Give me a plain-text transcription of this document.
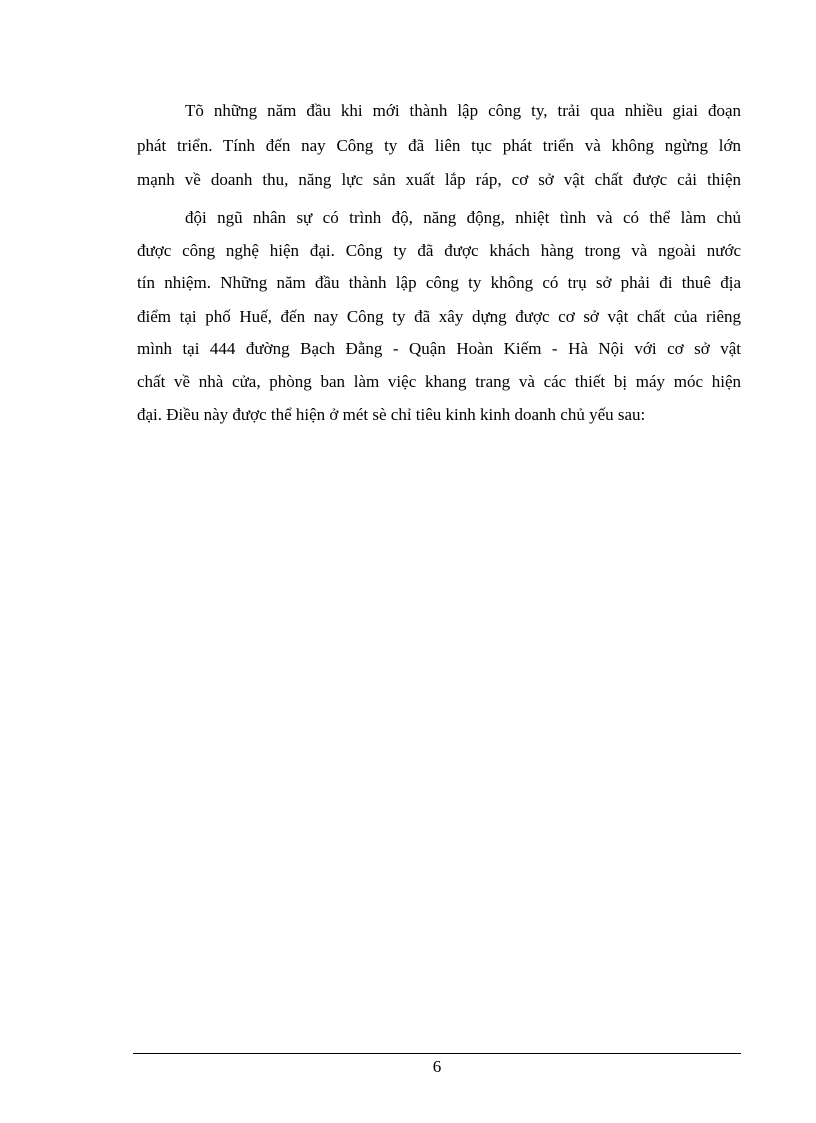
Tõ những năm đầu khi mới thành lập công ty, trải qua nhiều giai đoạn
phát triển. Tính đến nay Công ty đã liên tục phát triển và không ngừng lớn
mạnh về doanh thu, năng lực sản xuất lắp ráp, cơ sở vật chất được cải thiện
đội ngũ nhân sự có trình độ, năng động, nhiệt tình và có thể làm chủ
được công nghệ hiện đại. Công ty đã được khách hàng trong và ngoài nước
tín nhiệm. Những năm đầu thành lập công ty không có trụ sở phải đi thuê địa
điểm tại phố Huế, đến nay Công ty đã xây dựng được cơ sở vật chất của riêng
mình tại 444 đường Bạch Đằng - Quận Hoàn Kiếm - Hà Nội với cơ sở vật
chất về nhà cửa, phòng ban làm việc khang trang và các thiết bị máy móc hiện
đại. Điều này được thể hiện ở mét sè chỉ tiêu kinh kinh doanh chủ yếu sau:
6
